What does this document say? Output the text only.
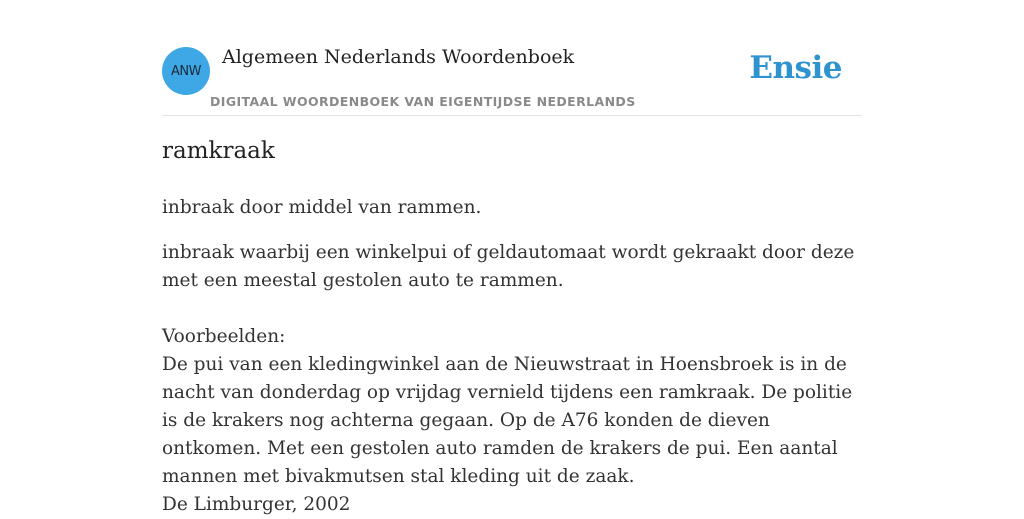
ANW
Algemeen Nederlands Woordenboek
DIGITAAL WOORDENBOEK VAN EIGENTIJDSE NEDERLANDS
Ensie
ramkraak

inbraak door middel van rammen.

inbraak waarbij een winkelpui of geldautomaat wordt gekraakt door deze met een meestal gestolen auto te rammen.

Voorbeelden:

De pui van een kledingwinkel aan de Nieuwstraat in Hoensbroek is in de nacht van donderdag op vrijdag vernield tijdens een ramkraak. De politie is de krakers nog achterna gegaan. Op de A76 konden de dieven ontkomen. Met een gestolen auto ramden de krakers de pui. Een aantal mannen met bivakmutsen stal kleding uit de zaak.

De Limburger, 2002
